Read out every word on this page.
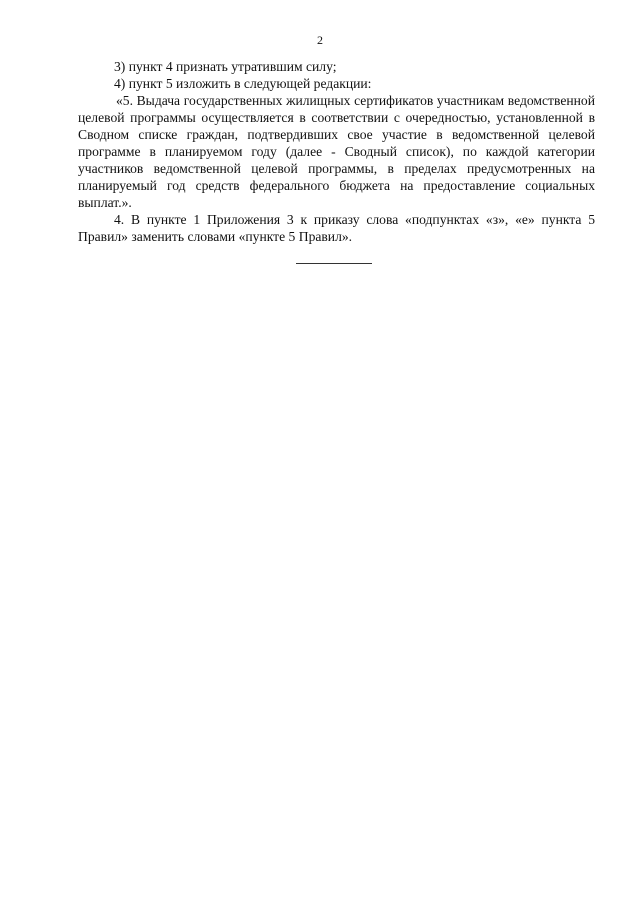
2

3) пункт 4 признать утратившим силу;

4) пункт 5 изложить в следующей редакции:

«5. Выдача государственных жилищных сертификатов участникам ведомственной целевой программы осуществляется в соответствии с очередностью, установленной в Сводном списке граждан, подтвердивших свое участие в ведомственной целевой программе в планируемом году (далее - Сводный список), по каждой категории участников ведомственной целевой программы, в пределах предусмотренных на планируемый год средств федерального бюджета на предоставление социальных выплат.».

4. В пункте 1 Приложения 3 к приказу слова «подпунктах «з», «е» пункта 5 Правил» заменить словами «пункте 5 Правил».
